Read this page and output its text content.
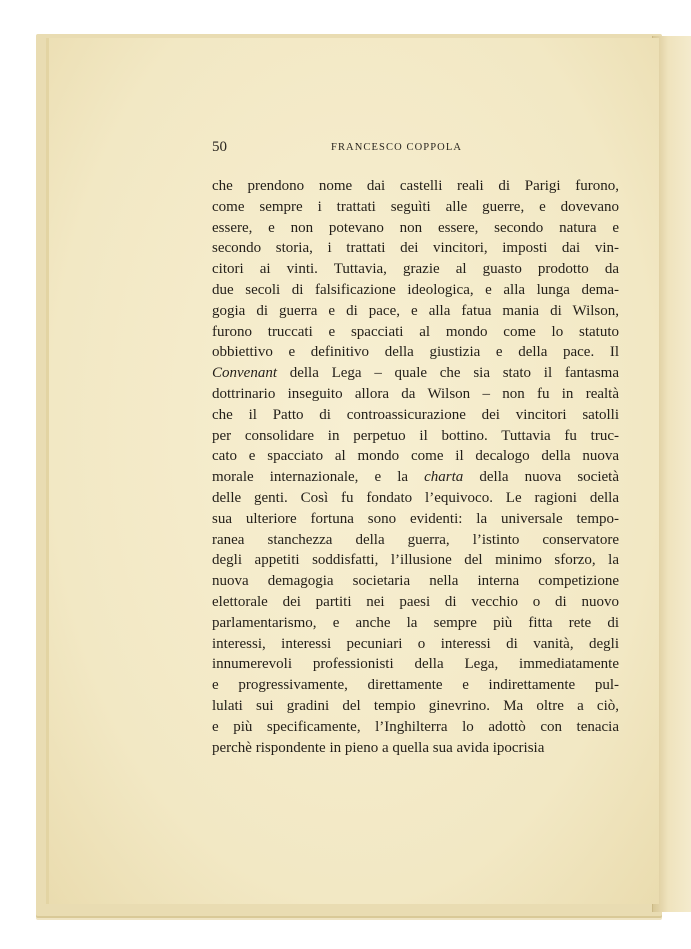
50	FRANCESCO COPPOLA

che prendono nome dai castelli reali di Parigi furono,
come sempre i trattati seguìti alle guerre, e dovevano
essere, e non potevano non essere, secondo natura e
secondo storia, i trattati dei vincitori, imposti dai vin-
citori ai vinti. Tuttavia, grazie al guasto prodotto da
due secoli di falsificazione ideologica, e alla lunga dema-
gogia di guerra e di pace, e alla fatua mania di Wilson,
furono truccati e spacciati al mondo come lo statuto
obbiettivo e definitivo della giustizia e della pace. Il
Convenant della Lega – quale che sia stato il fantasma
dottrinario inseguito allora da Wilson – non fu in realtà
che il Patto di controassicurazione dei vincitori satolli
per consolidare in perpetuo il bottino. Tuttavia fu truc-
cato e spacciato al mondo come il decalogo della nuova
morale internazionale, e la charta della nuova società
delle genti. Così fu fondato l’equivoco. Le ragioni della
sua ulteriore fortuna sono evidenti: la universale tempo-
ranea stanchezza della guerra, l’istinto conservatore
degli appetiti soddisfatti, l’illusione del minimo sforzo, la
nuova demagogia societaria nella interna competizione
elettorale dei partiti nei paesi di vecchio o di nuovo
parlamentarismo, e anche la sempre più fitta rete di
interessi, interessi pecuniari o interessi di vanità, degli
innumerevoli professionisti della Lega, immediatamente
e progressivamente, direttamente e indirettamente pul-
lulati sui gradini del tempio ginevrino. Ma oltre a ciò,
e più specificamente, l’Inghilterra lo adottò con tenacia
perchè rispondente in pieno a quella sua avida ipocrisia
